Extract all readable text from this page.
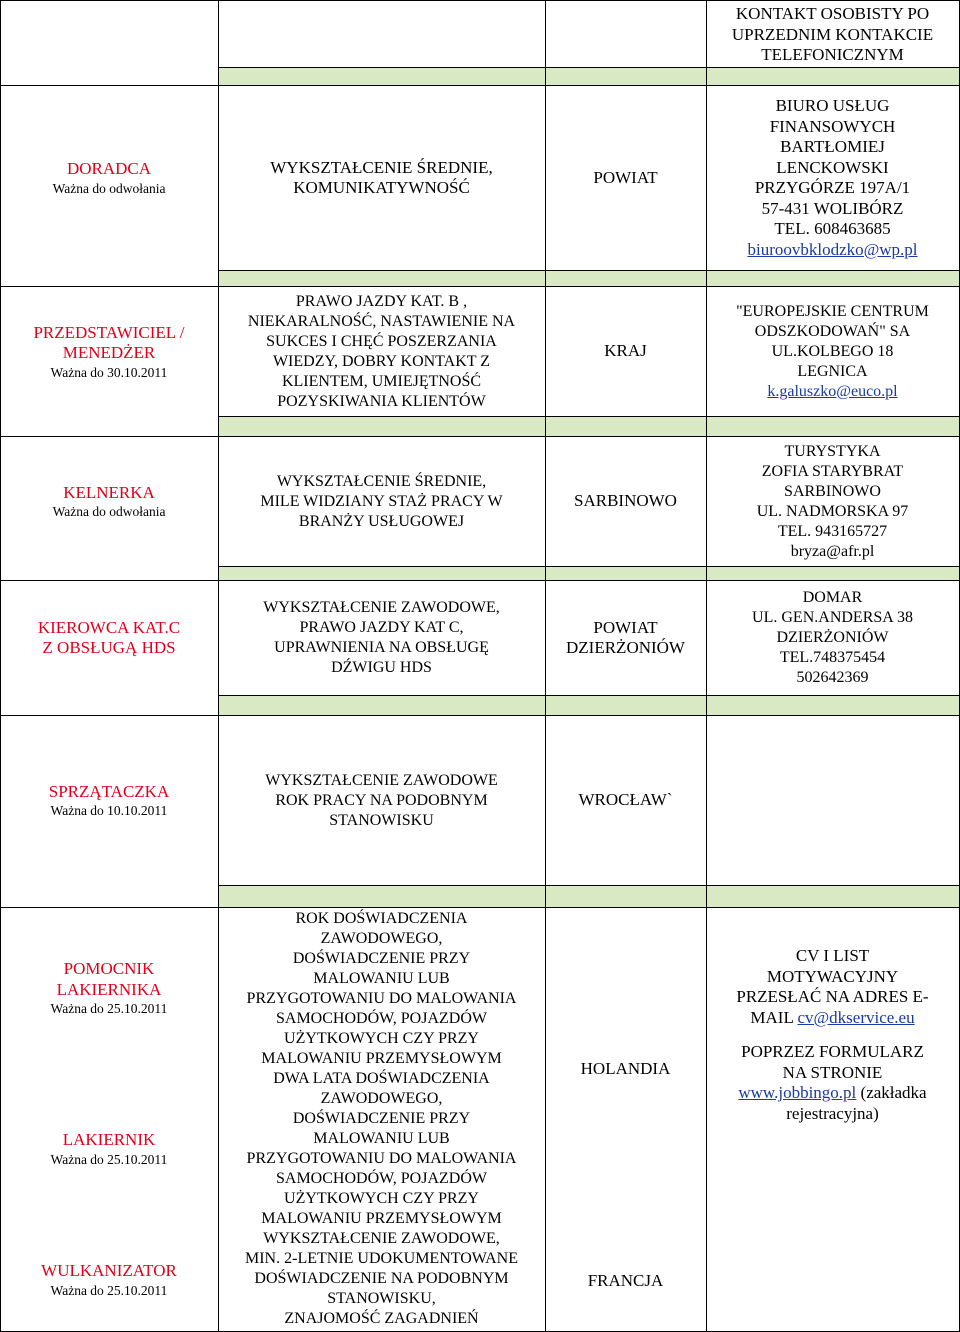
KONTAKT OSOBISTY PO
UPRZEDNIM KONTAKCIE
TELEFONICZNYM
DORADCA
Ważna do odwołania
WYKSZTAŁCENIE ŚREDNIE,
KOMUNIKATYWNOŚĆ
POWIAT
BIURO USŁUG
FINANSOWYCH
BARTŁOMIEJ
LENCKOWSKI
PRZYGÓRZE 197A/1
57-431 WOLIBÓRZ
TEL. 608463685
biuroovbklodzko@wp.pl
PRZEDSTAWICIEL /
MENEDŻER
Ważna do 30.10.2011
PRAWO JAZDY KAT. B ,
NIEKARALNOŚĆ, NASTAWIENIE NA
SUKCES I CHĘĆ POSZERZANIA
WIEDZY, DOBRY KONTAKT Z
KLIENTEM, UMIEJĘTNOŚĆ
POZYSKIWANIA KLIENTÓW
KRAJ
"EUROPEJSKIE CENTRUM
ODSZKODOWAŃ" SA
UL.KOLBEGO 18
LEGNICA
k.galuszko@euco.pl
KELNERKA
Ważna do odwołania
WYKSZTAŁCENIE ŚREDNIE,
MILE WIDZIANY STAŻ PRACY W
BRANŻY USŁUGOWEJ
SARBINOWO
TURYSTYKA
ZOFIA STARYBRAT
SARBINOWO
UL. NADMORSKA 97
TEL. 943165727
bryza@afr.pl
KIEROWCA KAT.C
Z OBSŁUGĄ HDS
WYKSZTAŁCENIE ZAWODOWE,
PRAWO JAZDY KAT C,
UPRAWNIENIA NA OBSŁUGĘ
DŹWIGU HDS
POWIAT
DZIERŻONIÓW
DOMAR
UL. GEN.ANDERSA 38
DZIERŻONIÓW
TEL.748375454
502642369
SPRZĄTACZKA
Ważna do 10.10.2011
WYKSZTAŁCENIE ZAWODOWE
ROK PRACY NA PODOBNYM
STANOWISKU
WROCŁAW`
POMOCNIK
LAKIERNIKA
Ważna do 25.10.2011
LAKIERNIK
Ważna do 25.10.2011
WULKANIZATOR
Ważna do 25.10.2011
ROK DOŚWIADCZENIA
ZAWODOWEGO,
DOŚWIADCZENIE PRZY
MALOWANIU LUB
PRZYGOTOWANIU DO MALOWANIA
SAMOCHODÓW, POJAZDÓW
UŻYTKOWYCH CZY PRZY
MALOWANIU PRZEMYSŁOWYM
DWA LATA DOŚWIADCZENIA
ZAWODOWEGO,
DOŚWIADCZENIE PRZY
MALOWANIU LUB
PRZYGOTOWANIU DO MALOWANIA
SAMOCHODÓW, POJAZDÓW
UŻYTKOWYCH CZY PRZY
MALOWANIU PRZEMYSŁOWYM
WYKSZTAŁCENIE ZAWODOWE,
MIN. 2-LETNIE UDOKUMENTOWANE
DOŚWIADCZENIE NA PODOBNYM
STANOWISKU,
ZNAJOMOŚĆ ZAGADNIEŃ
HOLANDIA
FRANCJA
CV I LIST
MOTYWACYJNY
PRZESŁAĆ NA ADRES E-
MAIL cv@dkservice.eu
POPRZEZ FORMULARZ
NA STRONIE
www.jobbingo.pl (zakładka
rejestracyjna)
